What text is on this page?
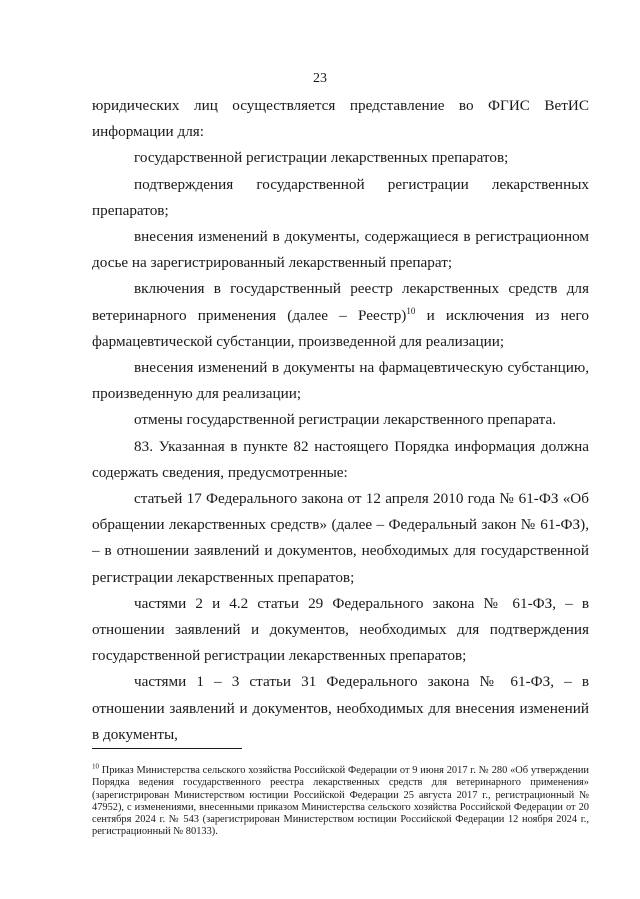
23

юридических лиц осуществляется представление во ФГИС ВетИС информации для:

государственной регистрации лекарственных препаратов;

подтверждения государственной регистрации лекарственных препаратов;

внесения изменений в документы, содержащиеся в регистрационном досье на зарегистрированный лекарственный препарат;

включения в государственный реестр лекарственных средств для ветеринарного применения (далее – Реестр)$^{10}$ и исключения из него фармацевтической субстанции, произведенной для реализации;

внесения изменений в документы на фармацевтическую субстанцию, произведенную для реализации;

отмены государственной регистрации лекарственного препарата.

83. Указанная в пункте 82 настоящего Порядка информация должна содержать сведения, предусмотренные:

статьей 17 Федерального закона от 12 апреля 2010 года № 61-ФЗ «Об обращении лекарственных средств» (далее – Федеральный закон № 61-ФЗ), – в отношении заявлений и документов, необходимых для государственной регистрации лекарственных препаратов;

частями 2 и 4.2 статьи 29 Федерального закона № 61-ФЗ, – в отношении заявлений и документов, необходимых для подтверждения государственной регистрации лекарственных препаратов;

частями 1 – 3 статьи 31 Федерального закона № 61-ФЗ, – в отношении заявлений и документов, необходимых для внесения изменений в документы,

$^{10}$ Приказ Министерства сельского хозяйства Российской Федерации от 9 июня 2017 г. № 280 «Об утверждении Порядка ведения государственного реестра лекарственных средств для ветеринарного применения» (зарегистрирован Министерством юстиции Российской Федерации 25 августа 2017 г., регистрационный № 47952), с изменениями, внесенными приказом Министерства сельского хозяйства Российской Федерации от 20 сентября 2024 г. № 543 (зарегистрирован Министерством юстиции Российской Федерации 12 ноября 2024 г., регистрационный № 80133).
